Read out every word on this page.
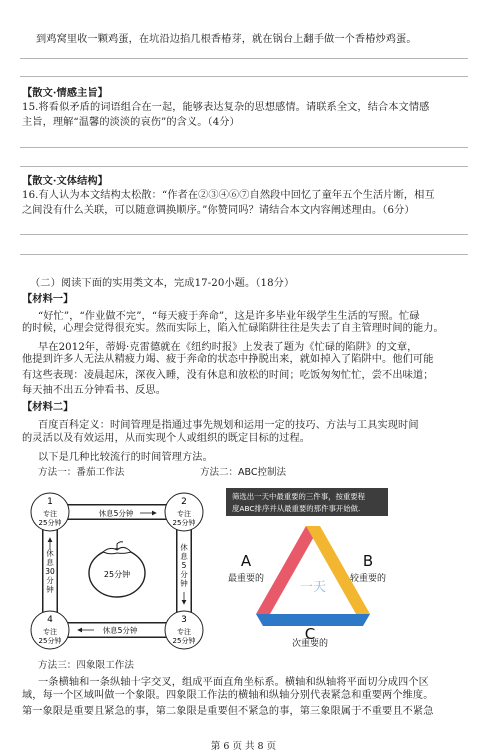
到鸡窝里收一颗鸡蛋，在坑沿边掐几根香椿芽，就在锅台上翻手做一个香椿炒鸡蛋。
【散文·情感主旨】
15.将看似矛盾的词语组合在一起，能够表达复杂的思想感情。请联系全文，结合本文情感
主旨，理解“温馨的淡淡的哀伤”的含义。（4分）
【散文·文体结构】
16.有人认为本文结构太松散：“作者在②③④⑥⑦自然段中回忆了童年五个生活片断，相互
之间没有什么关联，可以随意调换顺序。”你赞同吗？请结合本文内容阐述理由。（6分）
（二）阅读下面的实用类文本，完成17-20小题。（18分）
【材料一】
“好忙”，“作业做不完”，“每天疲于奔命”，这是许多毕业年级学生生活的写照。忙碌
的时候，心理会觉得很充实。然而实际上，陷入忙碌陷阱往往是失去了自主管理时间的能力。
早在2012年，蒂姆·克雷德就在《纽约时报》上发表了题为《忙碌的陷阱》的文章，
他提到许多人无法从精疲力竭、疲于奔命的状态中挣脱出来，就如掉入了陷阱中。他们可能
有这些表现：凌晨起床，深夜入睡，没有休息和放松的时间；吃饭匆匆忙忙，尝不出味道；
每天抽不出五分钟看书、反思。
【材料二】
百度百科定义：时间管理是指通过事先规划和运用一定的技巧、方法与工具实现时间
的灵活以及有效运用，从而实现个人或组织的既定目标的过程。
以下是几种比较流行的时间管理方法。
方法一：番茄工作法	方法二：ABC控制法
休息5分钟
休息5分钟
休
息
5
分
钟
休
息
30
分
钟
1
专注
25分钟
2
专注
25分钟
3
专注
25分钟
4
专注
25分钟
25分钟
筛选出一天中最重要的三件事，按重要程
度ABC排序并从最重要的那件事开始做.
一天
A
最重要的
B
较重要的
C
次重要的
方法三：四象限工作法
一条横轴和一条纵轴十字交叉，组成平面直角坐标系。横轴和纵轴将平面切分成四个区
域，每一个区域叫做一个象限。四象限工作法的横轴和纵轴分别代表紧急和重要两个维度。
第一象限是重要且紧急的事，第二象限是重要但不紧急的事，第三象限属于不重要且不紧急
第 6 页 共 8 页
